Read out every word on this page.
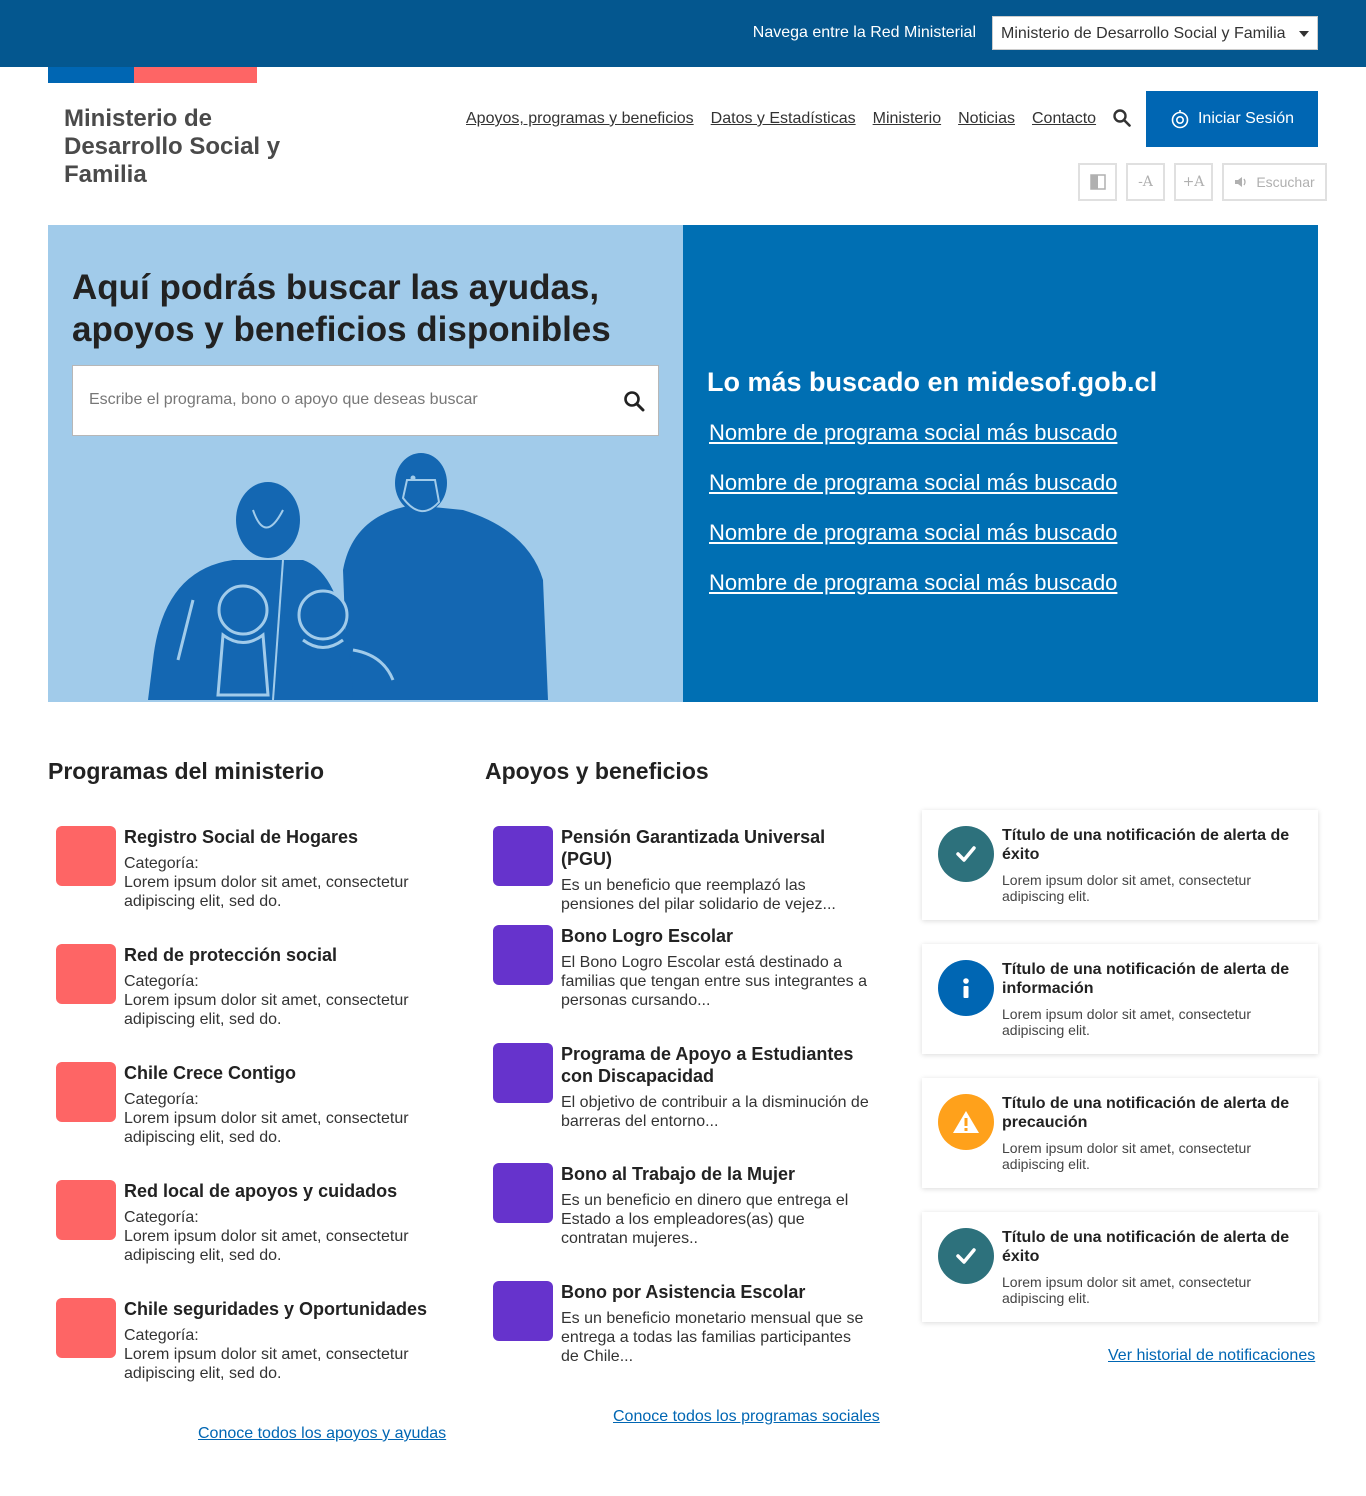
Navega entre la Red Ministerial	Ministerio de Desarrollo Social y Familia
Ministerio de Desarrollo Social y Familia
Apoyos, programas y beneficios Datos y Estadísticas Ministerio Noticias Contacto	Iniciar Sesión
-A	+A	Escuchar
Aquí podrás buscar las ayudas, apoyos y beneficios disponibles
Escribe el programa, bono o apoyo que deseas buscar
Lo más buscado en midesof.gob.cl
Nombre de programa social más buscado
Nombre de programa social más buscado
Nombre de programa social más buscado
Nombre de programa social más buscado
Programas del ministerio
Registro Social de Hogares
Categoría:
Lorem ipsum dolor sit amet, consectetur adipiscing elit, sed do.
Red de protección social
Categoría:
Lorem ipsum dolor sit amet, consectetur adipiscing elit, sed do.
Chile Crece Contigo
Categoría:
Lorem ipsum dolor sit amet, consectetur adipiscing elit, sed do.
Red local de apoyos y cuidados
Categoría:
Lorem ipsum dolor sit amet, consectetur adipiscing elit, sed do.
Chile seguridades y Oportunidades
Categoría:
Lorem ipsum dolor sit amet, consectetur adipiscing elit, sed do.
Conoce todos los apoyos y ayudas
Apoyos y beneficios
Pensión Garantizada Universal (PGU)
Es un beneficio que reemplazó las pensiones del pilar solidario de vejez...
Bono Logro Escolar
El Bono Logro Escolar está destinado a familias que tengan entre sus integrantes a personas cursando...
Programa de Apoyo a Estudiantes con Discapacidad
El objetivo de contribuir a la disminución de barreras del entorno...
Bono al Trabajo de la Mujer
Es un beneficio en dinero que entrega el Estado a los empleadores(as) que contratan mujeres..
Bono por Asistencia Escolar
Es un beneficio monetario mensual que se entrega a todas las familias participantes de Chile...
Conoce todos los programas sociales
Título de una notificación de alerta de éxito
Lorem ipsum dolor sit amet, consectetur adipiscing elit.
Título de una notificación de alerta de información
Lorem ipsum dolor sit amet, consectetur adipiscing elit.
Título de una notificación de alerta de precaución
Lorem ipsum dolor sit amet, consectetur adipiscing elit.
Título de una notificación de alerta de éxito
Lorem ipsum dolor sit amet, consectetur adipiscing elit.
Ver historial de notificaciones
